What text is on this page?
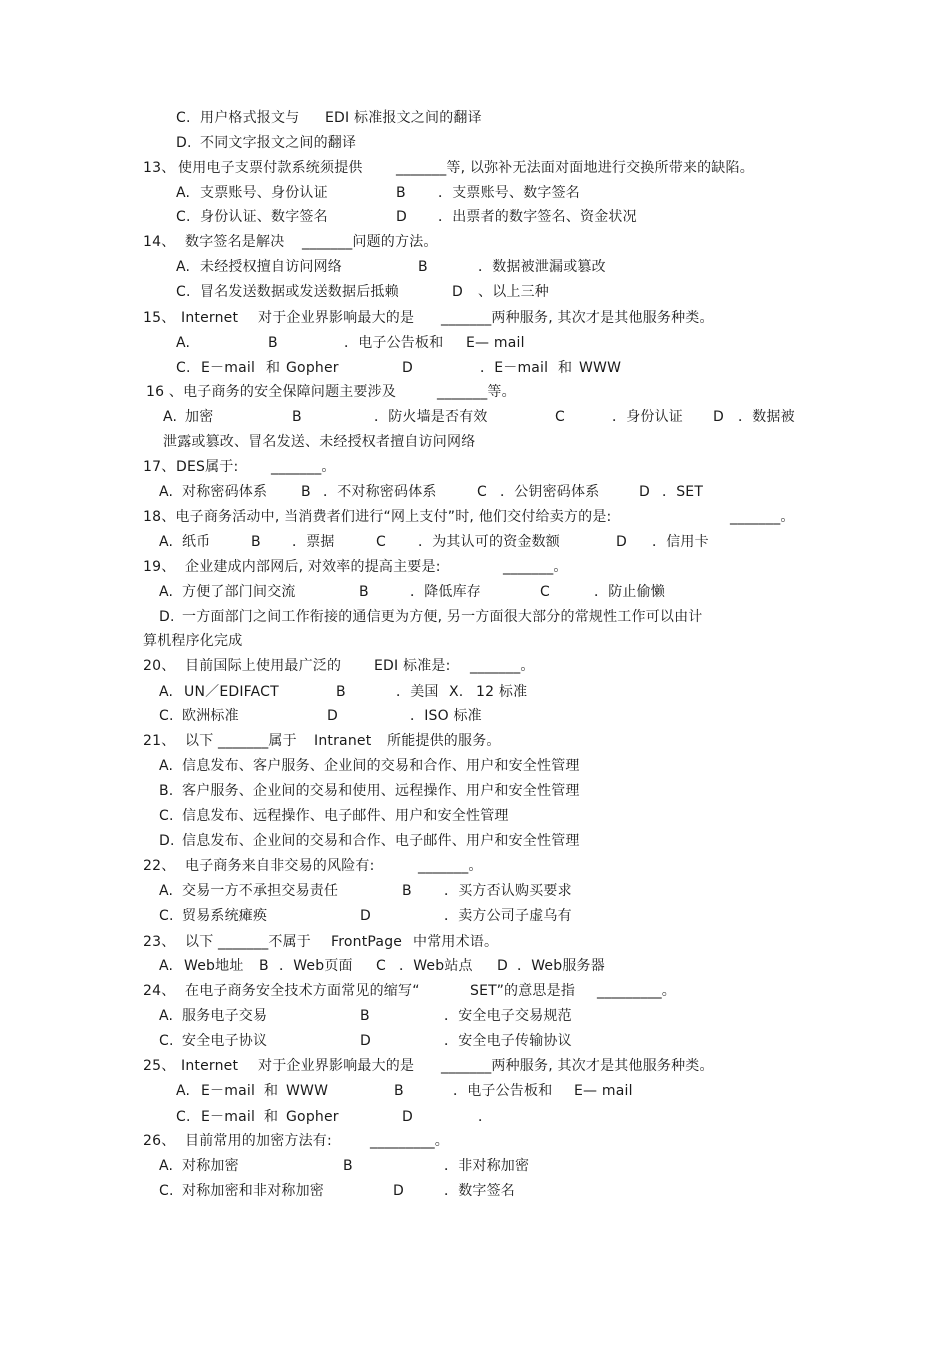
C. 用户格式报文与 EDI 标准报文之间的翻译
D. 不同文字报文之间的翻译
13、 使用电子支票付款系统须提供 _______等, 以弥补无法面对面地进行交换所带来的缺陷。
A. 支票账号、身份认证	B ．支票账号、数字签名
C. 身份认证、数字签名	D ．出票者的数字签名、资金状况
14、 数字签名是解决 _______问题的方法。
A. 未经授权擅自访问网络	B	．数据被泄漏或篡改
C. 冒名发送数据或发送数据后抵赖	D 、以上三种
15、 Internet 对于企业界影响最大的是 _______两种服务, 其次才是其他服务种类。
A.	B	．电子公告板和 E— mail
C. E－mail 和 Gopher	D	．E－mail 和 WWW
16 、电子商务的安全保障问题主要涉及	_______等。
A. 加密	B	．防火墙是否有效	C	．身份认证 D ．数据被
泄露或篡改、冒名发送、未经授权者擅自访问网络
17、 DES属于: _______。
A. 对称密码体系 B ．不对称密码体系	C ．公钥密码体系	D ．SET
18、电子商务活动中, 当消费者们进行“网上支付”时, 他们交付给卖方的是:	_______。
A. 纸币	B ．票据	C ．为其认可的资金数额	D ．信用卡
19、 企业建成内部网后, 对效率的提高主要是:	_______。
A. 方便了部门间交流	B	．降低库存	C	．防止偷懒
D. 一方面部门之间工作衔接的通信更为方便, 另一方面很大部分的常规性工作可以由计
算机程序化完成
20、 目前国际上使用最广泛的 EDI 标准是: _______。
A. UN／EDIFACT	B	．美国 X. 12 标准
C. 欧洲标准	D	．ISO 标准
21、 以下 _______属于 Intranet 所能提供的服务。
A. 信息发布、客户服务、企业间的交易和合作、用户和安全性管理
B. 客户服务、企业间的交易和使用、远程操作、用户和安全性管理
C. 信息发布、远程操作、电子邮件、用户和安全性管理
D. 信息发布、企业间的交易和合作、电子邮件、用户和安全性管理
22、 电子商务来自非交易的风险有:	_______。
A. 交易一方不承担交易责任	B ．买方否认购买要求
C. 贸易系统瘫痪	D	．卖方公司子虚乌有
23、 以下 _______不属于 FrontPage 中常用术语。
A. Web地址 B ．Web页面 C ．Web站点 D ．Web服务器
24、 在电子商务安全技术方面常见的缩写“	SET”的意思是指 _________。
A. 服务电子交易	B	．安全电子交易规范
C. 安全电子协议	D	．安全电子传输协议
25、 Internet 对于企业界影响最大的是 _______两种服务, 其次才是其他服务种类。
A. E－mail 和 WWW	B	．电子公告板和 E— mail
C. E－mail 和 Gopher	D	．
26、 目前常用的加密方法有:	_________。
A. 对称加密	B	．非对称加密
C. 对称加密和非对称加密	D	．数字签名
